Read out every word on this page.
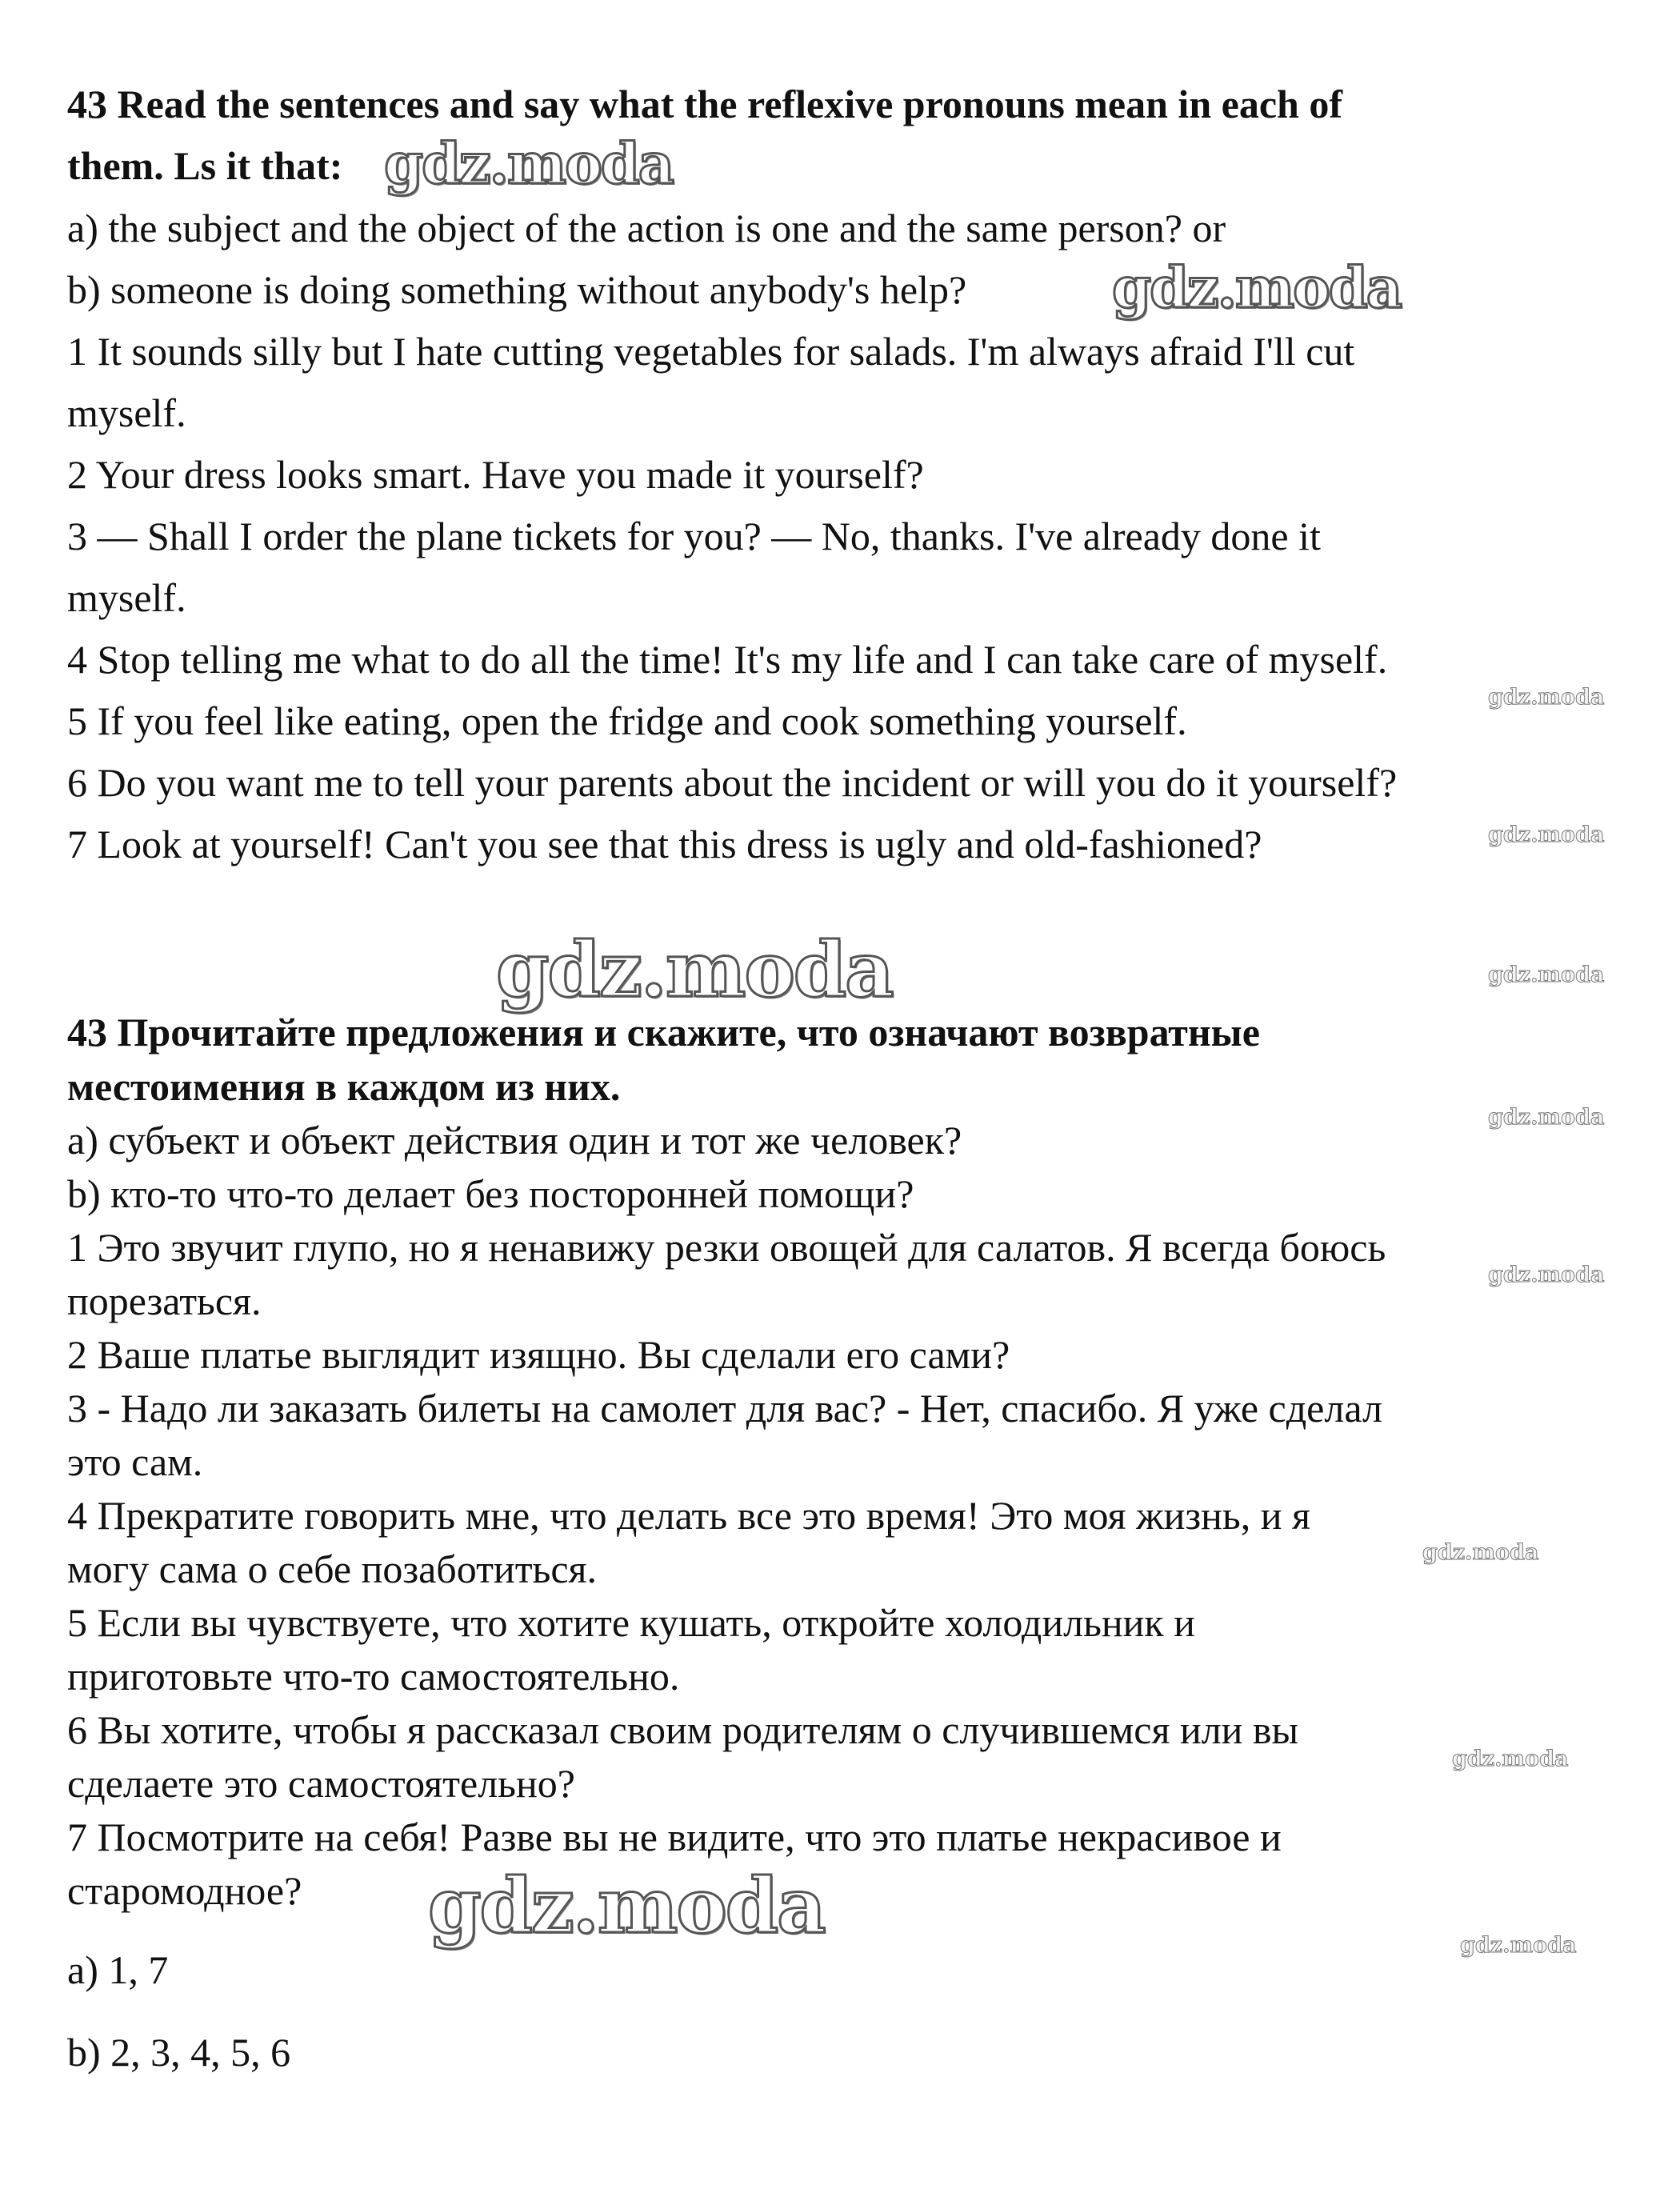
43 Read the sentences and say what the reflexive pronouns mean in each of
them. Ls it that:
a) the subject and the object of the action is one and the same person? or
b) someone is doing something without anybody's help?
1 It sounds silly but I hate cutting vegetables for salads. I'm always afraid I'll cut
myself.
2 Your dress looks smart. Have you made it yourself?
3 — Shall I order the plane tickets for you? — No, thanks. I've already done it
myself.
4 Stop telling me what to do all the time! It's my life and I can take care of myself.
5 If you feel like eating, open the fridge and cook something yourself.
6 Do you want me to tell your parents about the incident or will you do it yourself?
7 Look at yourself! Can't you see that this dress is ugly and old-fashioned?
43 Прочитайте предложения и скажите, что означают возвратные
местоимения в каждом из них.
a) субъект и объект действия один и тот же человек?
b) кто-то что-то делает без посторонней помощи?
1 Это звучит глупо, но я ненавижу резки овощей для салатов. Я всегда боюсь
порезаться.
2 Ваше платье выглядит изящно. Вы сделали его сами?
3 - Надо ли заказать билеты на самолет для вас? - Нет, спасибо. Я уже сделал
это сам.
4 Прекратите говорить мне, что делать все это время! Это моя жизнь, и я
могу сама о себе позаботиться.
5 Если вы чувствуете, что хотите кушать, откройте холодильник и
приготовьте что-то самостоятельно.
6 Вы хотите, чтобы я рассказал своим родителям о случившемся или вы
сделаете это самостоятельно?
7 Посмотрите на себя! Разве вы не видите, что это платье некрасивое и
старомодное?
a) 1, 7
b) 2, 3, 4, 5, 6
gdz.moda
gdz.moda
gdz.moda
gdz.moda
gdz.moda
gdz.moda
gdz.moda
gdz.moda
gdz.moda
gdz.moda
gdz.moda
gdz.moda
